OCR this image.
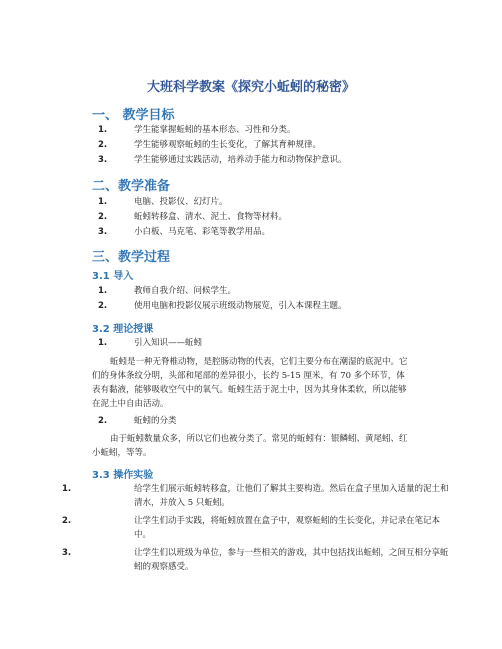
大班科学教案《探究小蚯蚓的秘密》
一、 教学目标
1.	学生能掌握蚯蚓的基本形态、习性和分类。
2.	学生能够观察蚯蚓的生长变化，了解其育种规律。
3.	学生能够通过实践活动，培养动手能力和动物保护意识。
二、教学准备
1.	电脑、投影仪、幻灯片。
2.	蚯蚓转移盒、清水、泥土、食物等材料。
3.	小白板、马克笔、彩笔等教学用品。
三、教学过程
3.1 导入
1.	教师自我介绍、问候学生。
2.	使用电脑和投影仪展示班级动物展览，引入本课程主题。
3.2 理论授课
1.	引入知识——蚯蚓
蚯蚓是一种无脊椎动物，是腔肠动物的代表，它们主要分布在潮湿的底泥中。它们的身体条纹分明，头部和尾部的差异很小，长约 5-15 厘米，有 70 多个环节，体表有黏液，能够吸收空气中的氧气。蚯蚓生活于泥土中，因为其身体柔软，所以能够在泥土中自由活动。
2.	蚯蚓的分类
由于蚯蚓数量众多，所以它们也被分类了。常见的蚯蚓有：银鳞蚓、黄尾蚓、红小蚯蚓，等等。
3.3 操作实验
1.	给学生们展示蚯蚓转移盒，让他们了解其主要构造。然后在盒子里加入适量的泥土和清水，并放入 5 只蚯蚓。
2.	让学生们动手实践，将蚯蚓放置在盒子中，观察蚯蚓的生长变化，并记录在笔记本中。
3.	让学生们以班级为单位，参与一些相关的游戏，其中包括找出蚯蚓，之间互相分享蚯蚓的观察感受。
